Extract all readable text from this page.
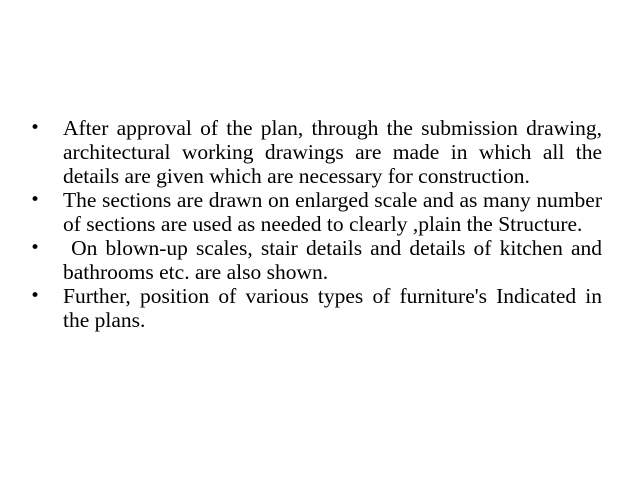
•	After approval of the plan, through the submission drawing, architectural working drawings are made in which all the details are given which are necessary for construction.
•	The sections are drawn on enlarged scale and as many number of sections are used as needed to clearly ,plain the Structure.
•	On blown-up scales, stair details and details of kitchen and bathrooms etc. are also shown.
•	Further, position of various types of furniture's Indicated in the plans.
